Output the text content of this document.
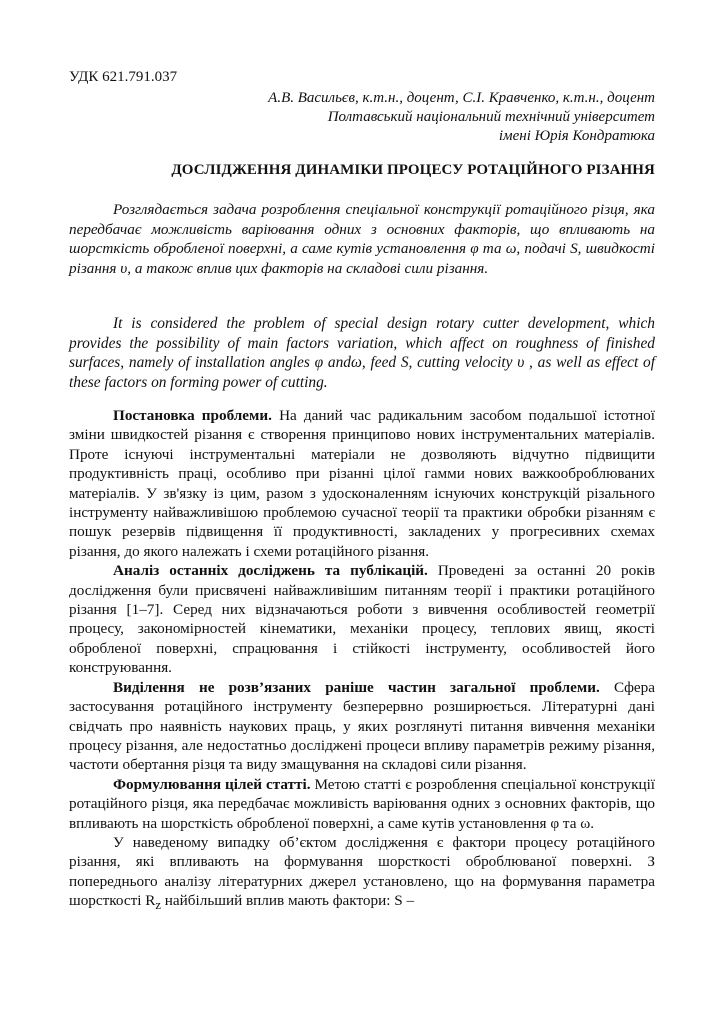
УДК 621.791.037
А.В. Васильєв, к.т.н., доцент, С.І. Кравченко, к.т.н., доцент
Полтавський національний технічний університет
імені Юрія Кондратюка
ДОСЛІДЖЕННЯ ДИНАМІКИ ПРОЦЕСУ РОТАЦІЙНОГО РІЗАННЯ

Розглядається задача розроблення спеціальної конструкції ротаційного різця, яка передбачає можливість варіювання одних з основних факторів, що впливають на шорсткість обробленої поверхні, а саме кутів установлення φ та ω, подачі S, швидкості різання υ, а також вплив цих факторів на складові сили різання.

It is considered the problem of special design rotary cutter development, which provides the possibility of main factors variation, which affect on roughness of finished surfaces, namely of installation angles φ andω, feed S, cutting velocity υ , as well as effect of these factors on forming power of cutting.

Постановка проблеми. На даний час радикальним засобом подальшої істотної зміни швидкостей різання є створення принципово нових інструментальних матеріалів. Проте існуючі інструментальні матеріали не дозволяють відчутно підвищити продуктивність праці, особливо при різанні цілої гамми нових важкооброблюваних матеріалів. У зв'язку із цим, разом з удосконаленням існуючих конструкцій різального інструменту найважливішою проблемою сучасної теорії та практики обробки різанням є пошук резервів підвищення її продуктивності, закладених у прогресивних схемах різання, до якого належать і схеми ротаційного різання.

Аналіз останніх досліджень та публікацій. Проведені за останні 20 років дослідження були присвячені найважливішим питанням теорії і практики ротаційного різання [1–7]. Серед них відзначаються роботи з вивчення особливостей геометрії процесу, закономірностей кінематики, механіки процесу, теплових явищ, якості обробленої поверхні, спрацювання і стійкості інструменту, особливостей його конструювання.

Виділення не розв’язаних раніше частин загальної проблеми. Сфера застосування ротаційного інструменту безперервно розширюється. Літературні дані свідчать про наявність наукових праць, у яких розглянуті питання вивчення механіки процесу різання, але недостатньо досліджені процеси впливу параметрів режиму різання, частоти обертання різця та виду змащування на складові сили різання.

Формулювання цілей статті. Метою статті є розроблення спеціальної конструкції ротаційного різця, яка передбачає можливість варіювання одних з основних факторів, що впливають на шорсткість обробленої поверхні, а саме кутів установлення φ та ω.

У наведеному випадку об’єктом дослідження є фактори процесу ротаційного різання, які впливають на формування шорсткості оброблюваної поверхні. З попереднього аналізу літературних джерел установлено, що на формування параметра шорсткості $R_z$ найбільший вплив мають фактори: S –
